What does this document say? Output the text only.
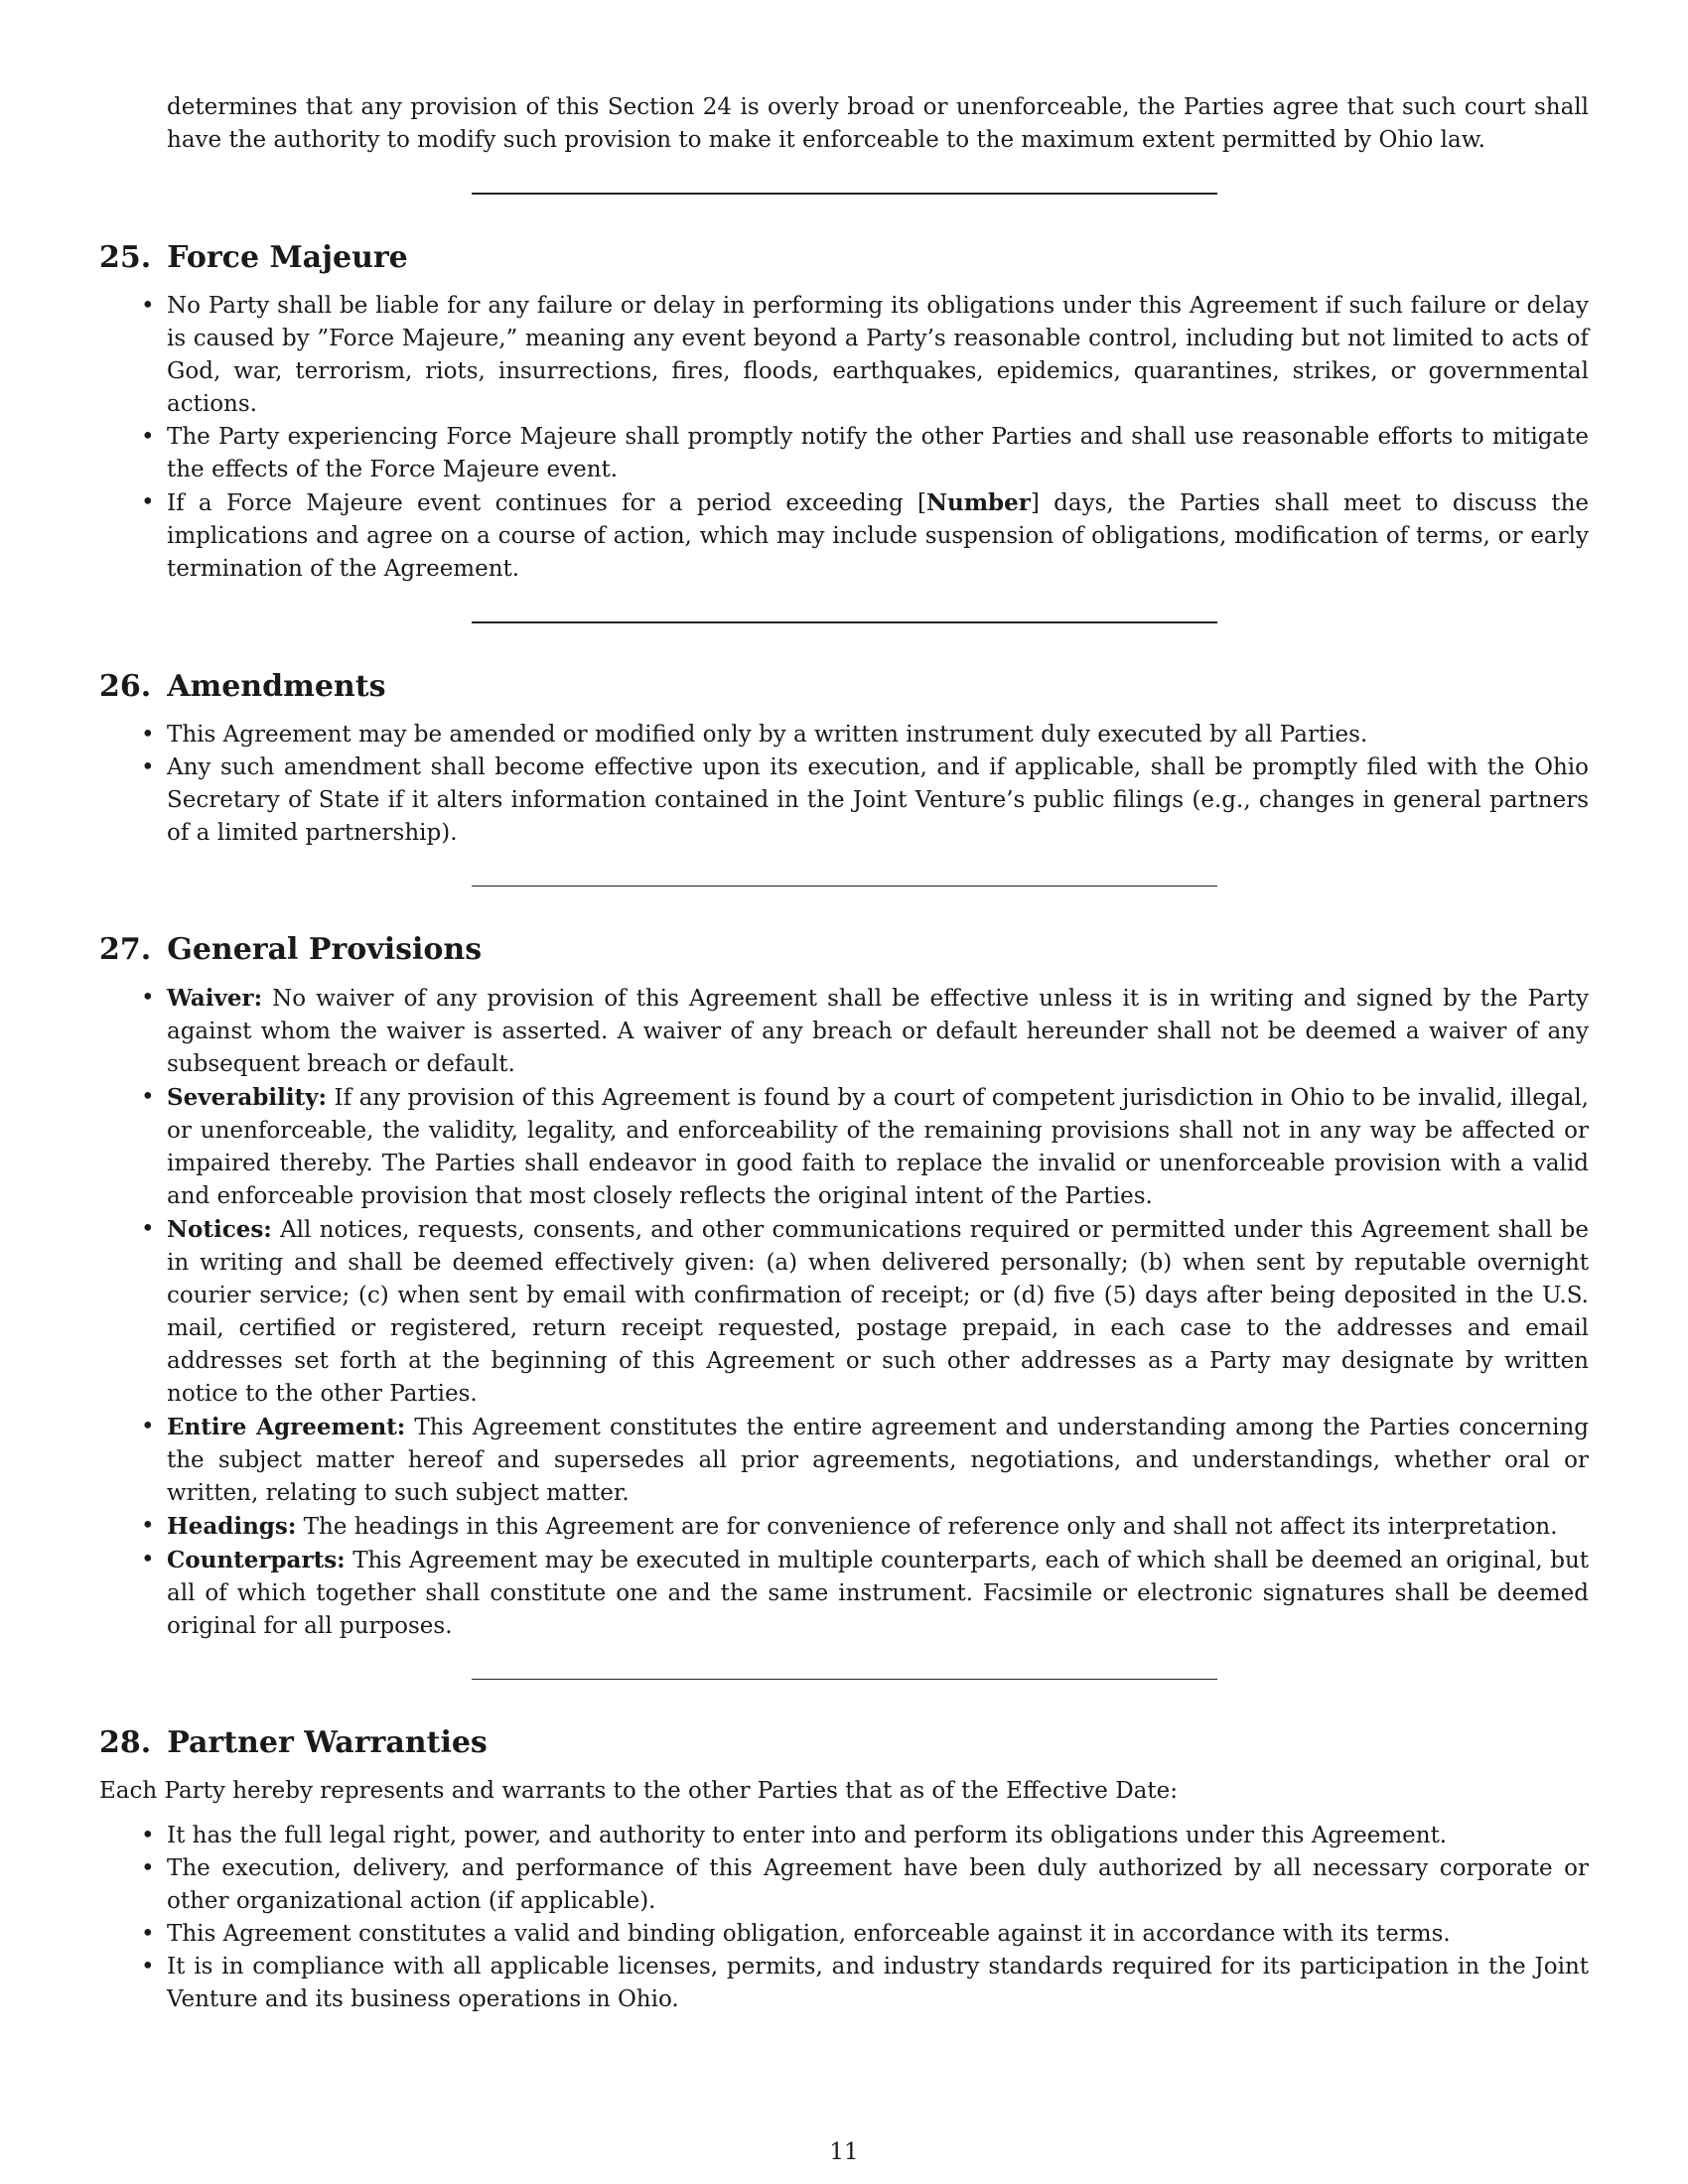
determines that any provision of this Section 24 is overly broad or unenforceable, the Parties agree that such court shall have the authority to modify such provision to make it enforceable to the maximum extent permitted by Ohio law.

25. Force Majeure
• No Party shall be liable for any failure or delay in performing its obligations under this Agreement if such failure or delay is caused by ”Force Majeure,” meaning any event beyond a Party’s reasonable control, including but not limited to acts of God, war, terrorism, riots, insurrections, fires, floods, earthquakes, epidemics, quarantines, strikes, or governmental actions.
• The Party experiencing Force Majeure shall promptly notify the other Parties and shall use reasonable efforts to mitigate the effects of the Force Majeure event.
• If a Force Majeure event continues for a period exceeding [Number] days, the Parties shall meet to discuss the implications and agree on a course of action, which may include suspension of obligations, modification of terms, or early termination of the Agreement.
26. Amendments
• This Agreement may be amended or modified only by a written instrument duly executed by all Parties.
• Any such amendment shall become effective upon its execution, and if applicable, shall be promptly filed with the Ohio Secretary of State if it alters information contained in the Joint Venture’s public filings (e.g., changes in general partners of a limited partnership).
27. General Provisions
• Waiver: No waiver of any provision of this Agreement shall be effective unless it is in writing and signed by the Party against whom the waiver is asserted. A waiver of any breach or default hereunder shall not be deemed a waiver of any subsequent breach or default.
• Severability: If any provision of this Agreement is found by a court of competent jurisdiction in Ohio to be invalid, illegal, or unenforceable, the validity, legality, and enforceability of the remaining provisions shall not in any way be affected or impaired thereby. The Parties shall endeavor in good faith to replace the invalid or unenforceable provision with a valid and enforceable provision that most closely reflects the original intent of the Parties.
• Notices: All notices, requests, consents, and other communications required or permitted under this Agreement shall be in writing and shall be deemed effectively given: (a) when delivered personally; (b) when sent by reputable overnight courier service; (c) when sent by email with confirmation of receipt; or (d) five (5) days after being deposited in the U.S. mail, certified or registered, return receipt requested, postage prepaid, in each case to the addresses and email addresses set forth at the beginning of this Agreement or such other addresses as a Party may designate by written notice to the other Parties.
• Entire Agreement: This Agreement constitutes the entire agreement and understanding among the Parties concerning the subject matter hereof and supersedes all prior agreements, negotiations, and understandings, whether oral or written, relating to such subject matter.
• Headings: The headings in this Agreement are for convenience of reference only and shall not affect its interpretation.
• Counterparts: This Agreement may be executed in multiple counterparts, each of which shall be deemed an original, but all of which together shall constitute one and the same instrument. Facsimile or electronic signatures shall be deemed original for all purposes.
28. Partner Warranties

Each Party hereby represents and warrants to the other Parties that as of the Effective Date:

• It has the full legal right, power, and authority to enter into and perform its obligations under this Agreement.
• The execution, delivery, and performance of this Agreement have been duly authorized by all necessary corporate or other organizational action (if applicable).
• This Agreement constitutes a valid and binding obligation, enforceable against it in accordance with its terms.
• It is in compliance with all applicable licenses, permits, and industry standards required for its participation in the Joint Venture and its business operations in Ohio.
11
